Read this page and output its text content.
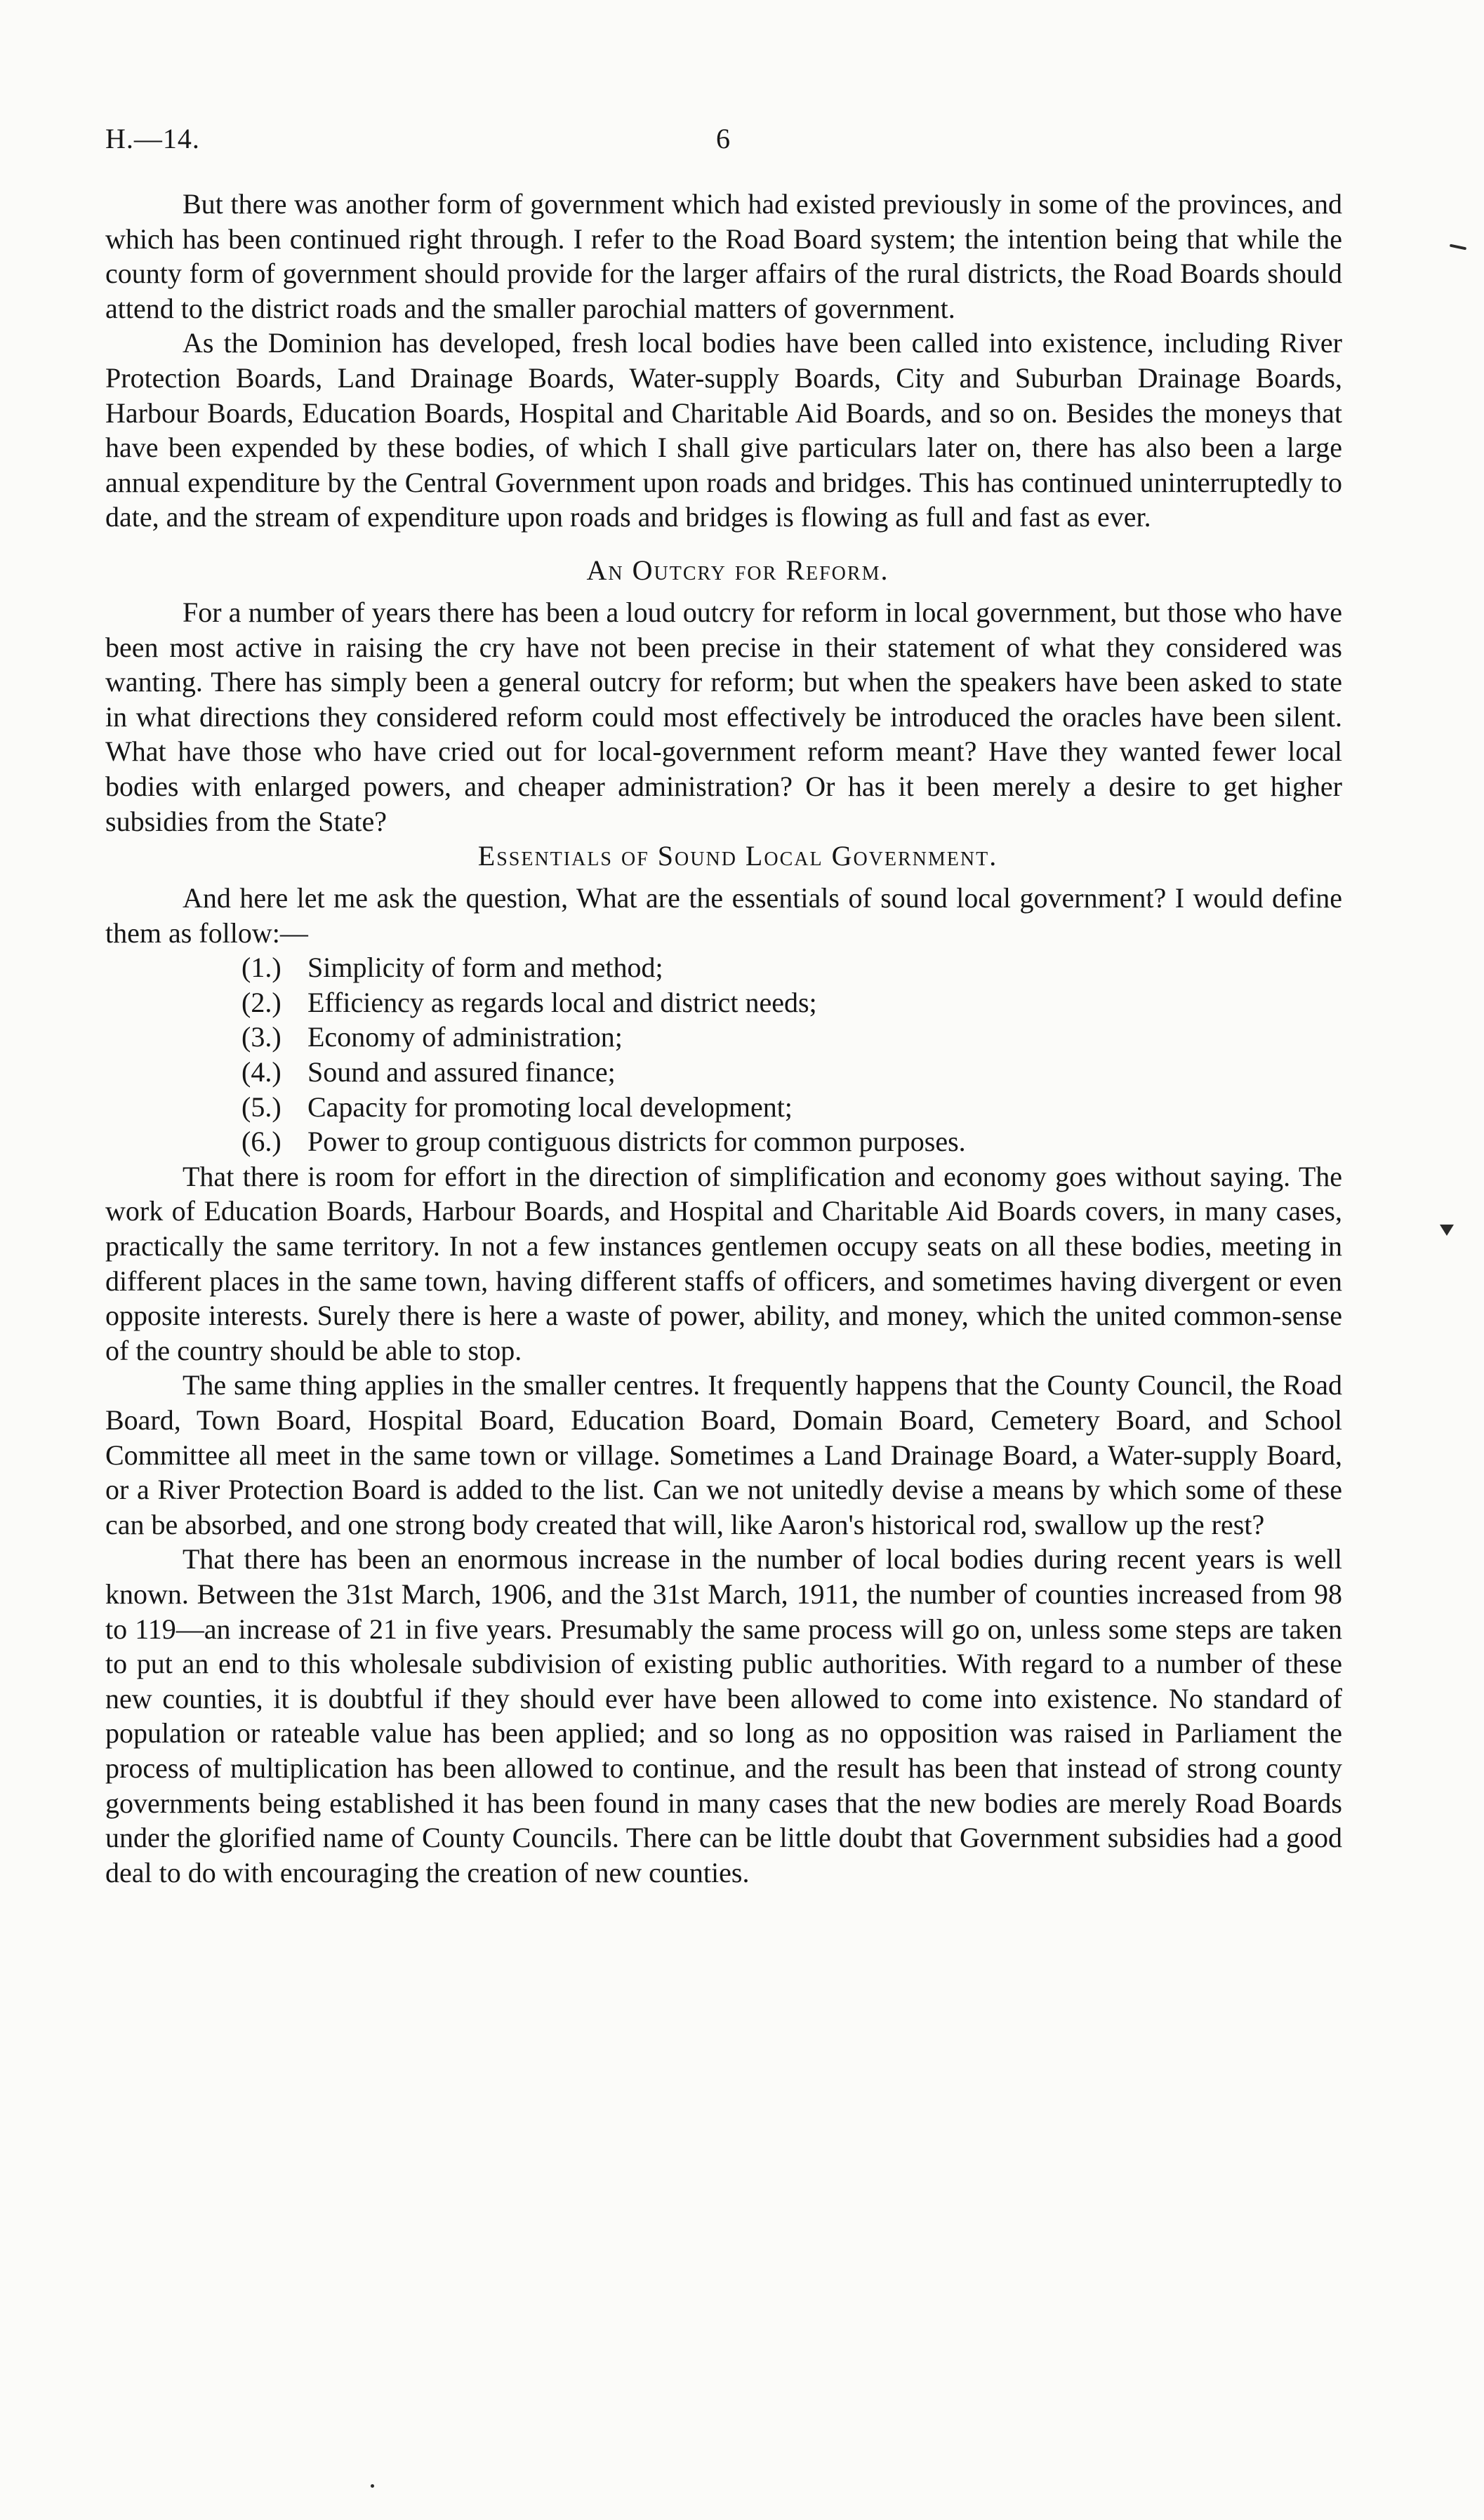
H.—14.	6

But there was another form of government which had existed previously in some of the provinces, and which has been continued right through. I refer to the Road Board system; the intention being that while the county form of government should provide for the larger affairs of the rural districts, the Road Boards should attend to the district roads and the smaller parochial matters of government.

As the Dominion has developed, fresh local bodies have been called into existence, including River Protection Boards, Land Drainage Boards, Water-supply Boards, City and Suburban Drainage Boards, Harbour Boards, Education Boards, Hospital and Charitable Aid Boards, and so on. Besides the moneys that have been expended by these bodies, of which I shall give particulars later on, there has also been a large annual expenditure by the Central Government upon roads and bridges. This has continued uninterruptedly to date, and the stream of expenditure upon roads and bridges is flowing as full and fast as ever.

An Outcry for Reform.

For a number of years there has been a loud outcry for reform in local government, but those who have been most active in raising the cry have not been precise in their statement of what they considered was wanting. There has simply been a general outcry for reform; but when the speakers have been asked to state in what directions they considered reform could most effectively be introduced the oracles have been silent. What have those who have cried out for local-government reform meant? Have they wanted fewer local bodies with enlarged powers, and cheaper administration? Or has it been merely a desire to get higher subsidies from the State?

Essentials of Sound Local Government.

And here let me ask the question, What are the essentials of sound local government? I would define them as follow:—

(1.) Simplicity of form and method;
(2.) Efficiency as regards local and district needs;
(3.) Economy of administration;
(4.) Sound and assured finance;
(5.) Capacity for promoting local development;
(6.) Power to group contiguous districts for common purposes.

That there is room for effort in the direction of simplification and economy goes without saying. The work of Education Boards, Harbour Boards, and Hospital and Charitable Aid Boards covers, in many cases, practically the same territory. In not a few instances gentlemen occupy seats on all these bodies, meeting in different places in the same town, having different staffs of officers, and sometimes having divergent or even opposite interests. Surely there is here a waste of power, ability, and money, which the united common-sense of the country should be able to stop.

The same thing applies in the smaller centres. It frequently happens that the County Council, the Road Board, Town Board, Hospital Board, Education Board, Domain Board, Cemetery Board, and School Committee all meet in the same town or village. Sometimes a Land Drainage Board, a Water-supply Board, or a River Protection Board is added to the list. Can we not unitedly devise a means by which some of these can be absorbed, and one strong body created that will, like Aaron's historical rod, swallow up the rest?

That there has been an enormous increase in the number of local bodies during recent years is well known. Between the 31st March, 1906, and the 31st March, 1911, the number of counties increased from 98 to 119—an increase of 21 in five years. Presumably the same process will go on, unless some steps are taken to put an end to this wholesale subdivision of existing public authorities. With regard to a number of these new counties, it is doubtful if they should ever have been allowed to come into existence. No standard of population or rateable value has been applied; and so long as no opposition was raised in Parliament the process of multiplication has been allowed to continue, and the result has been that instead of strong county governments being established it has been found in many cases that the new bodies are merely Road Boards under the glorified name of County Councils. There can be little doubt that Government subsidies had a good deal to do with encouraging the creation of new counties.
